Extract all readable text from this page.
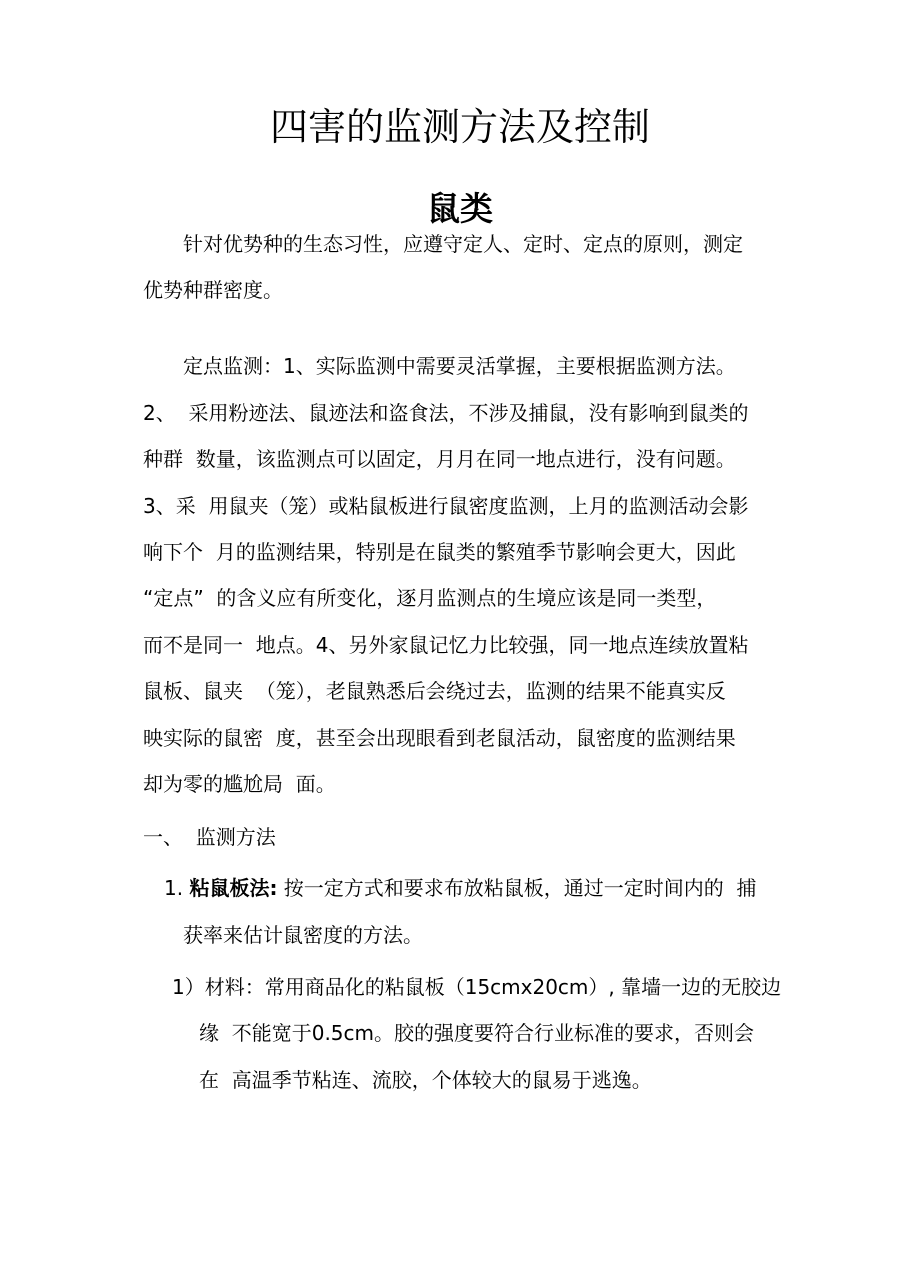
四害的监测方法及控制
鼠类
针对优势种的生态习性，应遵守定人、定时、定点的原则，测定
优势种群密度。
定点监测：1、实际监测中需要灵活掌握，主要根据监测方法。
2、  采用粉迹法、鼠迹法和盗食法，不涉及捕鼠，没有影响到鼠类的
种群  数量，该监测点可以固定，月月在同一地点进行，没有问题。
3、采  用鼠夹（笼）或粘鼠板进行鼠密度监测，上月的监测活动会影
响下个  月的监测结果，特别是在鼠类的繁殖季节影响会更大，因此
“定点”  的含义应有所变化，逐月监测点的生境应该是同一类型，
而不是同一  地点。4、另外家鼠记忆力比较强，同一地点连续放置粘
鼠板、鼠夹  （笼），老鼠熟悉后会绕过去，监测的结果不能真实反
映实际的鼠密  度，甚至会出现眼看到老鼠活动，鼠密度的监测结果
却为零的尴尬局  面。
一、  监测方法
1. 粘鼠板法: 按一定方式和要求布放粘鼠板，通过一定时间内的  捕
获率来估计鼠密度的方法。
1）材料：常用商品化的粘鼠板（15cmx20cm）, 靠墙一边的无胶边
缘  不能宽于0.5cm。胶的强度要符合行业标准的要求，否则会
在  高温季节粘连、流胶，个体较大的鼠易于逃逸。
